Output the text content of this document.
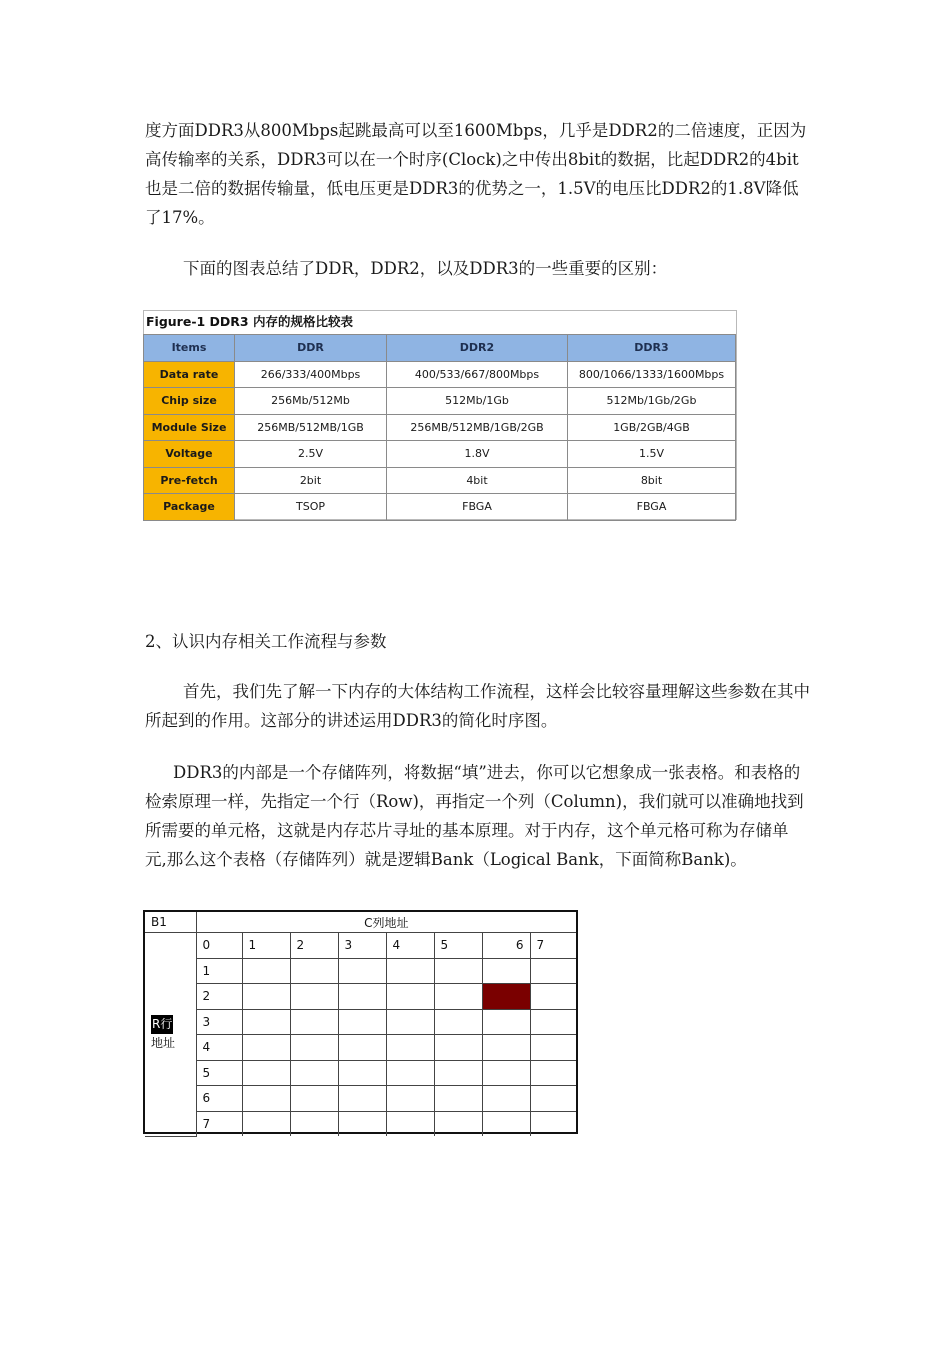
度方面DDR3从800Mbps起跳最高可以至1600Mbps，几乎是DDR2的二倍速度，正因为高传输率的关系，DDR3可以在一个时序(Clock)之中传出8bit的数据，比起DDR2的4bit也是二倍的数据传输量，低电压更是DDR3的优势之一，1.5V的电压比DDR2的1.8V降低了17%。

下面的图表总结了DDR，DDR2，以及DDR3的一些重要的区别：

Figure-1 DDR3 内存的规格比较表
Items	DDR	DDR2	DDR3
Data rate	266/333/400Mbps	400/533/667/800Mbps	800/1066/1333/1600Mbps
Chip size	256Mb/512Mb	512Mb/1Gb	512Mb/1Gb/2Gb
Module Size	256MB/512MB/1GB	256MB/512MB/1GB/2GB	1GB/2GB/4GB
Voltage	2.5V	1.8V	1.5V
Pre-fetch	2bit	4bit	8bit
Package	TSOP	FBGA	FBGA

2、认识内存相关工作流程与参数

首先，我们先了解一下内存的大体结构工作流程，这样会比较容量理解这些参数在其中所起到的作用。这部分的讲述运用DDR3的简化时序图。

DDR3的内部是一个存储阵列，将数据“填”进去，你可以它想象成一张表格。和表格的检索原理一样，先指定一个行（Row)，再指定一个列（Column)，我们就可以准确地找到所需要的单元格，这就是内存芯片寻址的基本原理。对于内存，这个单元格可称为存储单元,那么这个表格（存储阵列）就是逻辑Bank（Logical Bank，下面简称Bank)。

B1	C列地址							

R行
地址	0	1	2	3	4	5	6	7
	1							
	2							
	3							
	4							
	5							
	6							
	7							
